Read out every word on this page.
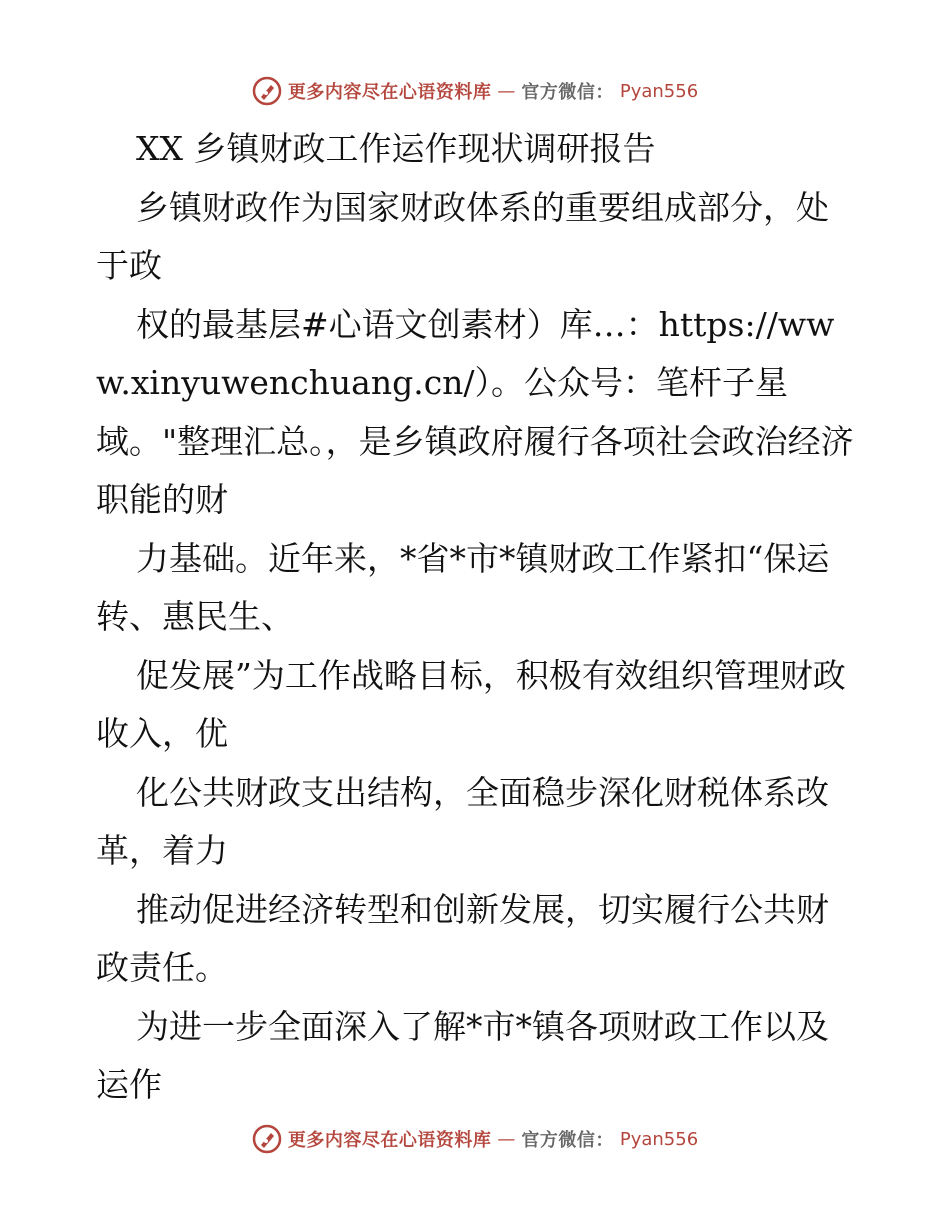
更多内容尽在心语资料库 — 官方微信： Pyan556

XX 乡镇财政工作运作现状调研报告

乡镇财政作为国家财政体系的重要组成部分，处于政

权的最基层#心语文创素材）库…：https://www.xinyuwenchuang.cn/）。公众号：笔杆子星域。"整理汇总。，是乡镇政府履行各项社会政治经济职能的财

力基础。近年来，*省*市*镇财政工作紧扣“保运转、惠民生、

促发展”为工作战略目标，积极有效组织管理财政收入，优

化公共财政支出结构，全面稳步深化财税体系改革，着力

推动促进经济转型和创新发展，切实履行公共财政责任。

为进一步全面深入了解*市*镇各项财政工作以及运作

更多内容尽在心语资料库 — 官方微信： Pyan556
